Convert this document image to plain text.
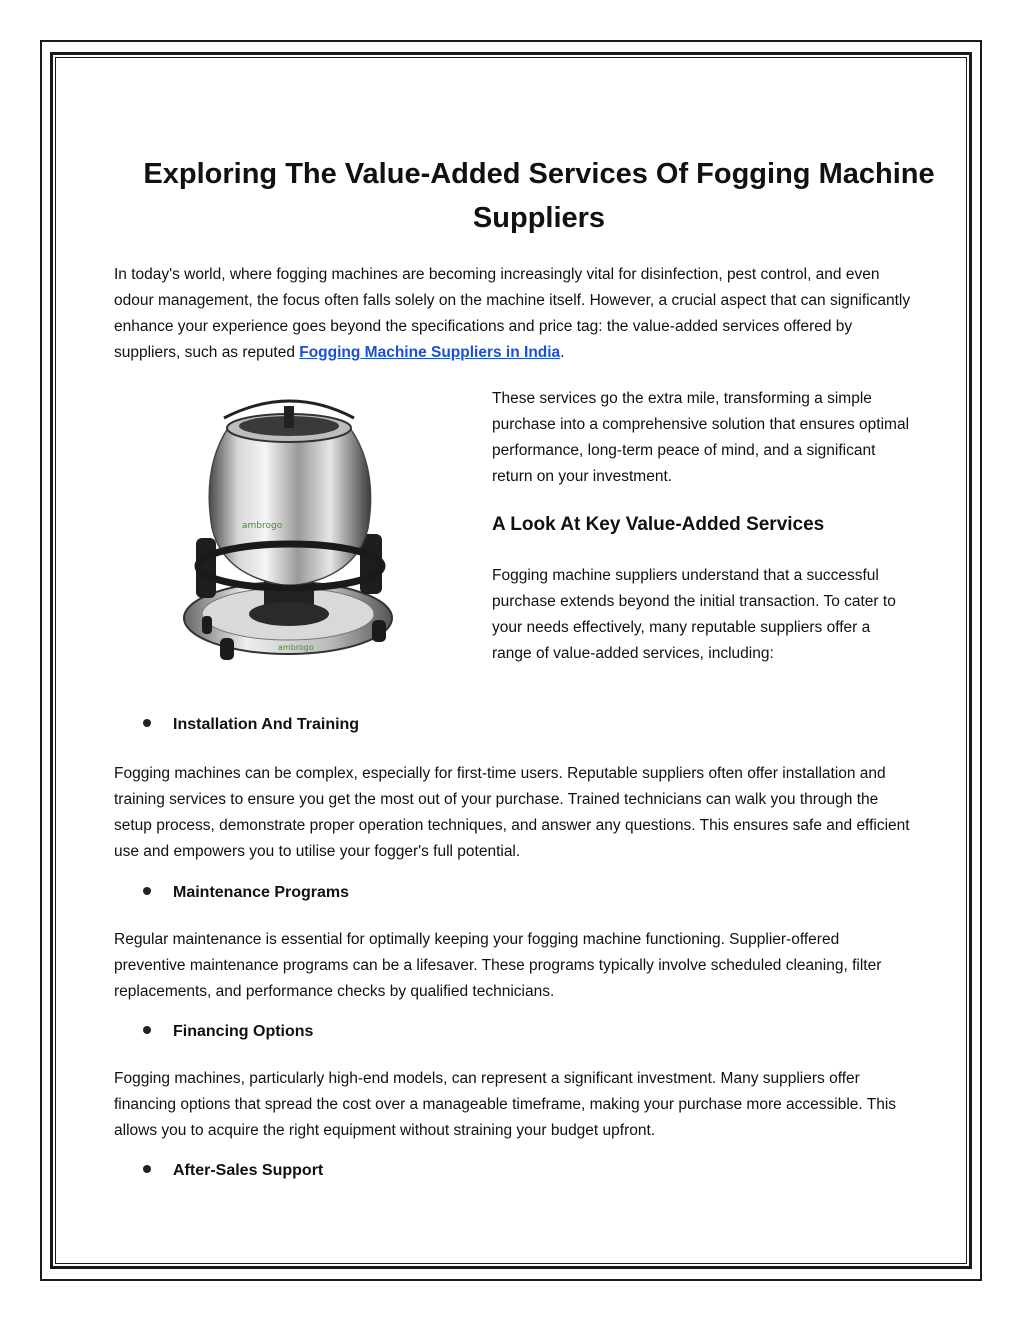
Exploring The Value-Added Services Of Fogging Machine Suppliers

In today's world, where fogging machines are becoming increasingly vital for disinfection, pest control, and even odour management, the focus often falls solely on the machine itself. However, a crucial aspect that can significantly enhance your experience goes beyond the specifications and price tag: the value-added services offered by suppliers, such as reputed Fogging Machine Suppliers in India.

ambrogo
ambrogo

These services go the extra mile, transforming a simple purchase into a comprehensive solution that ensures optimal performance, long-term peace of mind, and a significant return on your investment.

A Look At Key Value-Added Services

Fogging machine suppliers understand that a successful purchase extends beyond the initial transaction. To cater to your needs effectively, many reputable suppliers offer a range of value-added services, including:

Installation And Training

Fogging machines can be complex, especially for first-time users. Reputable suppliers often offer installation and training services to ensure you get the most out of your purchase. Trained technicians can walk you through the setup process, demonstrate proper operation techniques, and answer any questions. This ensures safe and efficient use and empowers you to utilise your fogger's full potential.

Maintenance Programs

Regular maintenance is essential for optimally keeping your fogging machine functioning. Supplier-offered preventive maintenance programs can be a lifesaver. These programs typically involve scheduled cleaning, filter replacements, and performance checks by qualified technicians.

Financing Options

Fogging machines, particularly high-end models, can represent a significant investment. Many suppliers offer financing options that spread the cost over a manageable timeframe, making your purchase more accessible. This allows you to acquire the right equipment without straining your budget upfront.

After-Sales Support
